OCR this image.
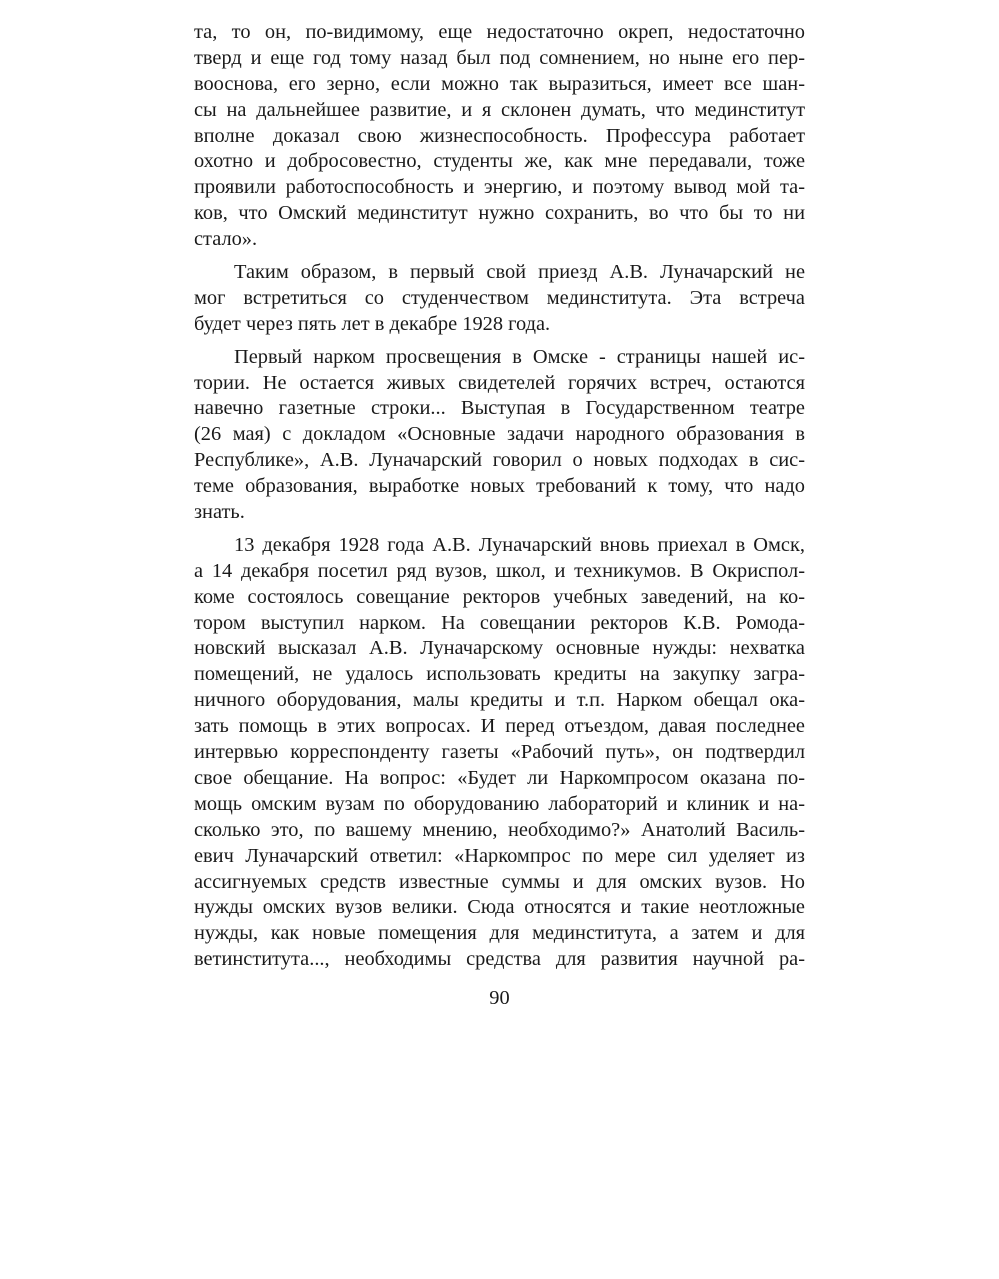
та, то он, по-видимому, еще недостаточно окреп, недостаточно
тверд и еще год тому назад был под сомнением, но ныне его пер-
вооснова, его зерно, если можно так выразиться, имеет все шан-
сы на дальнейшее развитие, и я склонен думать, что мединститут
вполне доказал свою жизнеспособность. Профессура работает
охотно и добросовестно, студенты же, как мне передавали, тоже
проявили работоспособность и энергию, и поэтому вывод мой та-
ков, что Омский мединститут нужно сохранить, во что бы то ни
стало».

Таким образом, в первый свой приезд А.В. Луначарский не
мог встретиться со студенчеством мединститута. Эта встреча
будет через пять лет в декабре 1928 года.

Первый нарком просвещения в Омске - страницы нашей ис-
тории. Не остается живых свидетелей горячих встреч, остаются
навечно газетные строки... Выступая в Государственном театре
(26 мая) с докладом «Основные задачи народного образования в
Республике», А.В. Луначарский говорил о новых подходах в сис-
теме образования, выработке новых требований к тому, что надо
знать.

13 декабря 1928 года А.В. Луначарский вновь приехал в Омск,
а 14 декабря посетил ряд вузов, школ, и техникумов. В Окриспол-
коме состоялось совещание ректоров учебных заведений, на ко-
тором выступил нарком. На совещании ректоров К.В. Ромода-
новский высказал А.В. Луначарскому основные нужды: нехватка
помещений, не удалось использовать кредиты на закупку загра-
ничного оборудования, малы кредиты и т.п. Нарком обещал ока-
зать помощь в этих вопросах. И перед отъездом, давая последнее
интервью корреспонденту газеты «Рабочий путь», он подтвердил
свое обещание. На вопрос: «Будет ли Наркомпросом оказана по-
мощь омским вузам по оборудованию лабораторий и клиник и на-
сколько это, по вашему мнению, необходимо?» Анатолий Василь-
евич Луначарский ответил: «Наркомпрос по мере сил уделяет из
ассигнуемых средств известные суммы и для омских вузов. Но
нужды омских вузов велики. Сюда относятся и такие неотложные
нужды, как новые помещения для мединститута, а затем и для
ветинститута..., необходимы средства для развития научной ра-

90
